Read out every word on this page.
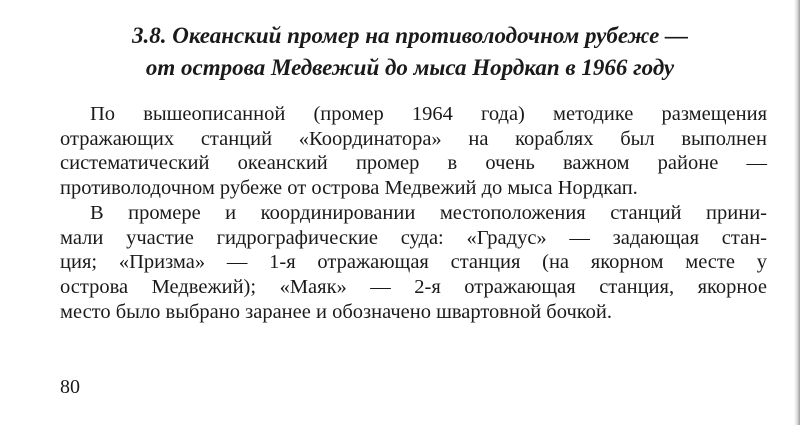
3.8. Океанский промер на противолодочном рубеже —
от острова Медвежий до мыса Нордкап в 1966 году
По вышеописанной (промер 1964 года) методике размещения
отражающих станций «Координатора» на кораблях был выполнен
систематический океанский промер в очень важном районе —
противолодочном рубеже от острова Медвежий до мыса Нордкап.
В промере и координировании местоположения станций прини-
мали участие гидрографические суда: «Градус» — задающая стан-
ция; «Призма» — 1-я отражающая станция (на якорном месте у
острова Медвежий); «Маяк» — 2-я отражающая станция, якорное
место было выбрано заранее и обозначено швартовной бочкой.
80
